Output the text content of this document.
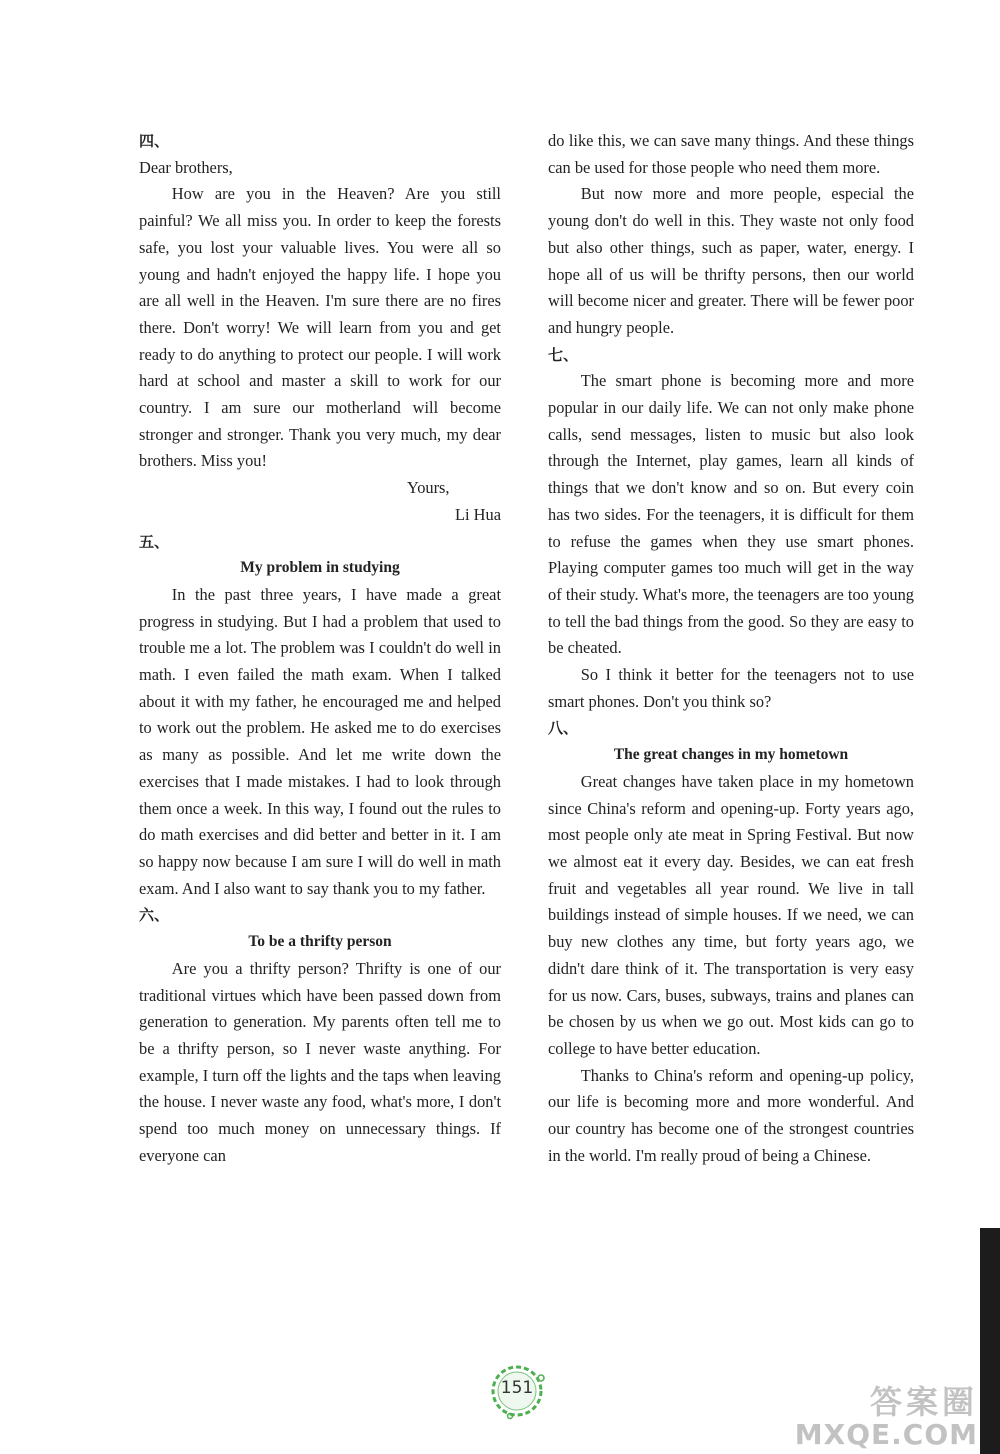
四、

Dear brothers,

How are you in the Heaven? Are you still painful? We all miss you. In order to keep the forests safe, you lost your valuable lives. You were all so young and hadn't enjoyed the happy life. I hope you are all well in the Heaven. I'm sure there are no fires there. Don't worry! We will learn from you and get ready to do anything to protect our people. I will work hard at school and master a skill to work for our country. I am sure our motherland will become stronger and stronger. Thank you very much, my dear brothers. Miss you!

Yours,

Li Hua

五、

My problem in studying

In the past three years, I have made a great progress in studying. But I had a problem that used to trouble me a lot. The problem was I couldn't do well in math. I even failed the math exam. When I talked about it with my father, he encouraged me and helped to work out the problem. He asked me to do exercises as many as possible. And let me write down the exercises that I made mistakes. I had to look through them once a week. In this way, I found out the rules to do math exercises and did better and better in it. I am so happy now because I am sure I will do well in math exam. And I also want to say thank you to my father.

六、

To be a thrifty person

Are you a thrifty person? Thrifty is one of our traditional virtues which have been passed down from generation to generation. My parents often tell me to be a thrifty person, so I never waste anything. For example, I turn off the lights and the taps when leaving the house. I never waste any food, what's more, I don't spend too much money on unnecessary things. If everyone can

do like this, we can save many things. And these things can be used for those people who need them more.

But now more and more people, especial the young don't do well in this. They waste not only food but also other things, such as paper, water, energy. I hope all of us will be thrifty persons, then our world will become nicer and greater. There will be fewer poor and hungry people.

七、

The smart phone is becoming more and more popular in our daily life. We can not only make phone calls, send messages, listen to music but also look through the Internet, play games, learn all kinds of things that we don't know and so on. But every coin has two sides. For the teenagers, it is difficult for them to refuse the games when they use smart phones. Playing computer games too much will get in the way of their study. What's more, the teenagers are too young to tell the bad things from the good. So they are easy to be cheated.

So I think it better for the teenagers not to use smart phones. Don't you think so?

八、

The great changes in my hometown

Great changes have taken place in my hometown since China's reform and opening-up. Forty years ago, most people only ate meat in Spring Festival. But now we almost eat it every day. Besides, we can eat fresh fruit and vegetables all year round. We live in tall buildings instead of simple houses. If we need, we can buy new clothes any time, but forty years ago, we didn't dare think of it. The transportation is very easy for us now. Cars, buses, subways, trains and planes can be chosen by us when we go out. Most kids can go to college to have better education.

Thanks to China's reform and opening-up policy, our life is becoming more and more wonderful. And our country has become one of the strongest countries in the world. I'm really proud of being a Chinese.

151	答案圈
MXQE.COM
